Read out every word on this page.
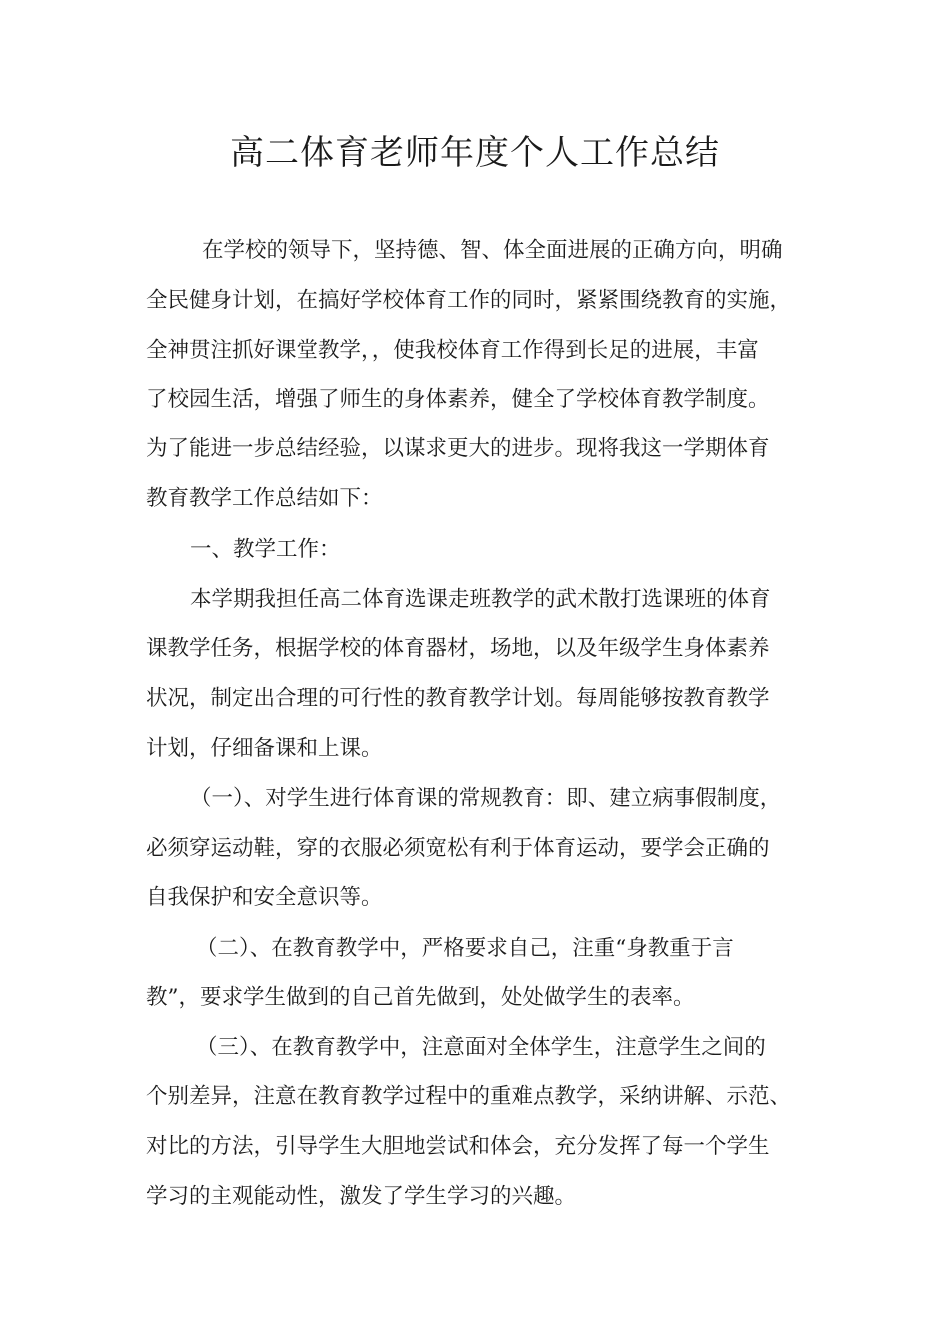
高二体育老师年度个人工作总结
在学校的领导下，坚持德、智、体全面进展的正确方向，明确
全民健身计划，在搞好学校体育工作的同时，紧紧围绕教育的实施，
全神贯注抓好课堂教学，，使我校体育工作得到长足的进展，丰富
了校园生活，增强了师生的身体素养，健全了学校体育教学制度。
为了能进一步总结经验，以谋求更大的进步。现将我这一学期体育
教育教学工作总结如下：
一、教学工作：
本学期我担任高二体育选课走班教学的武术散打选课班的体育
课教学任务，根据学校的体育器材，场地，以及年级学生身体素养
状况，制定出合理的可行性的教育教学计划。每周能够按教育教学
计划，仔细备课和上课。
（一）、对学生进行体育课的常规教育：即、建立病事假制度，
必须穿运动鞋，穿的衣服必须宽松有利于体育运动，要学会正确的
自我保护和安全意识等。
（二）、在教育教学中，严格要求自己，注重“身教重于言
教”，要求学生做到的自己首先做到，处处做学生的表率。
（三）、在教育教学中，注意面对全体学生，注意学生之间的
个别差异，注意在教育教学过程中的重难点教学，采纳讲解、示范、
对比的方法，引导学生大胆地尝试和体会，充分发挥了每一个学生
学习的主观能动性，激发了学生学习的兴趣。
